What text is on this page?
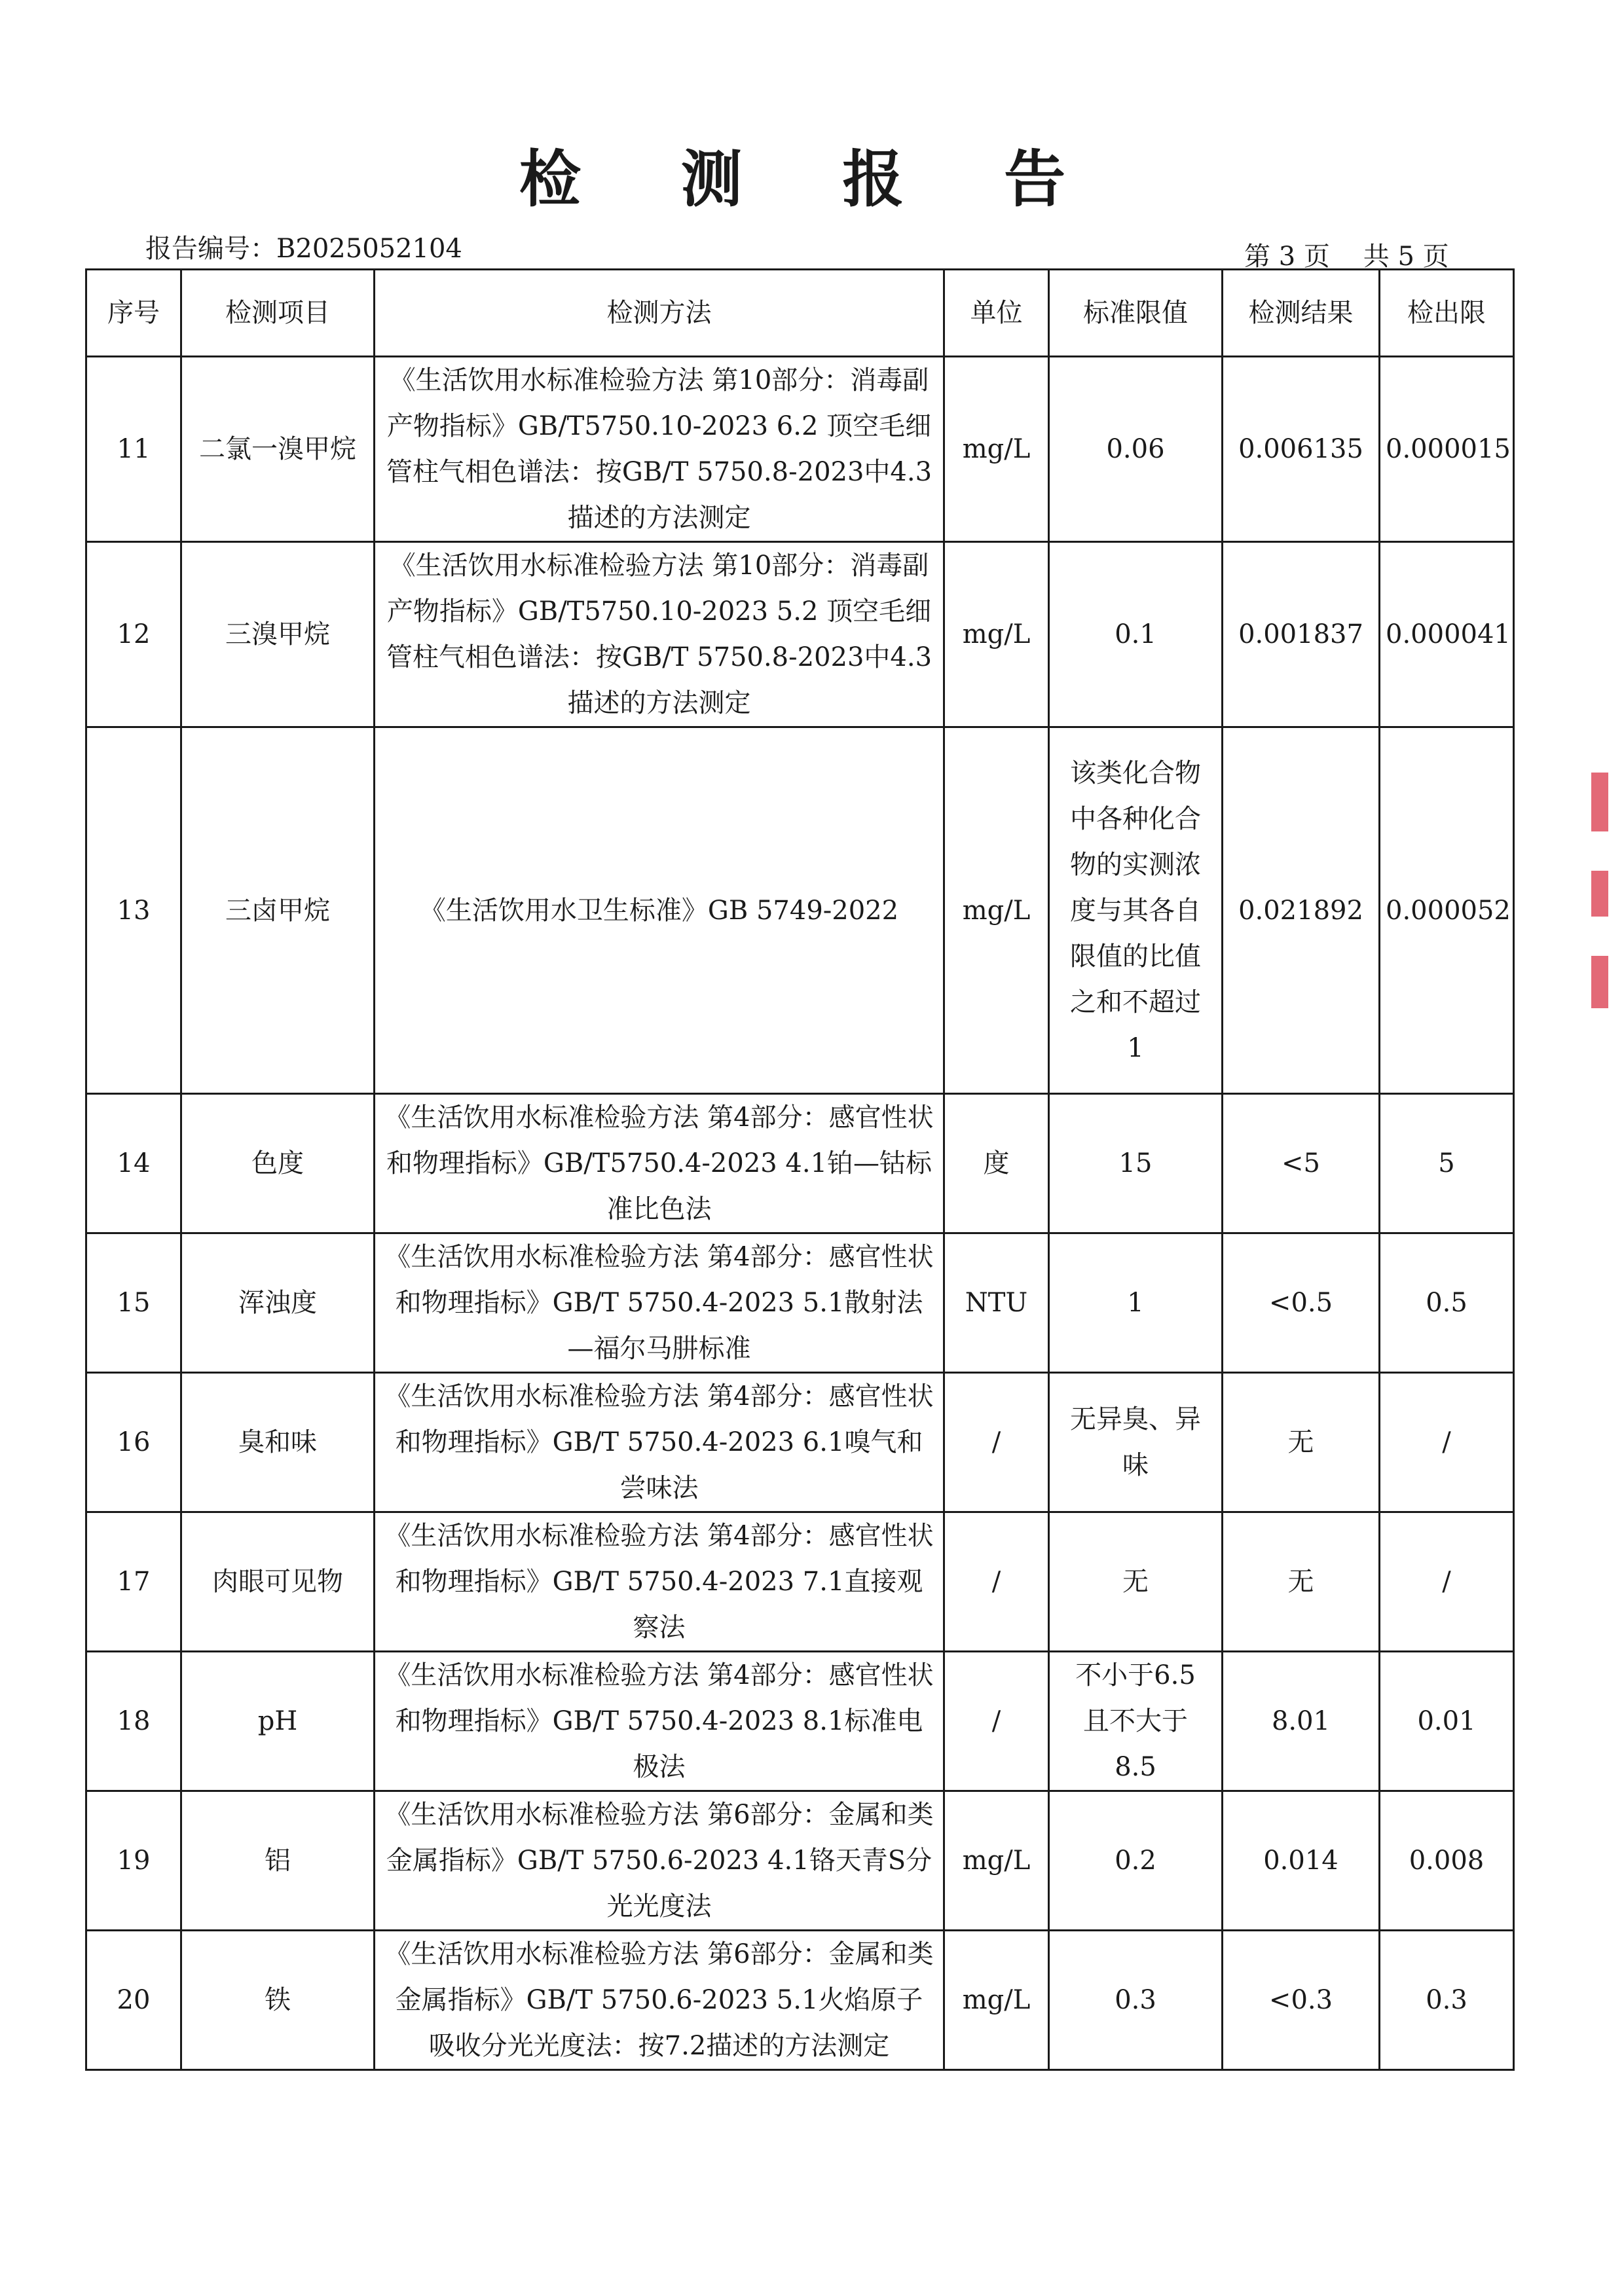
检 测 报 告
报告编号：B2025052104	第 3 页    共 5 页
序号	检测项目	检测方法	单位	标准限值	检测结果	检出限
11	二氯一溴甲烷	《生活饮用水标准检验方法 第10部分：消毒副产物指标》GB/T5750.10-2023 6.2 顶空毛细管柱气相色谱法：按GB/T 5750.8-2023中4.3描述的方法测定	mg/L	0.06	0.006135	0.000015
12	三溴甲烷	《生活饮用水标准检验方法 第10部分：消毒副产物指标》GB/T5750.10-2023 5.2 顶空毛细管柱气相色谱法：按GB/T 5750.8-2023中4.3描述的方法测定	mg/L	0.1	0.001837	0.000041
13	三卤甲烷	《生活饮用水卫生标准》GB 5749-2022	mg/L	该类化合物中各种化合物的实测浓度与其各自限值的比值之和不超过1	0.021892	0.000052
14	色度	《生活饮用水标准检验方法 第4部分：感官性状和物理指标》GB/T5750.4-2023 4.1铂—钴标准比色法	度	15	<5	5
15	浑浊度	《生活饮用水标准检验方法 第4部分：感官性状和物理指标》GB/T 5750.4-2023 5.1散射法—福尔马肼标准	NTU	1	<0.5	0.5
16	臭和味	《生活饮用水标准检验方法 第4部分：感官性状和物理指标》GB/T 5750.4-2023 6.1嗅气和尝味法	/	无异臭、异味	无	/
17	肉眼可见物	《生活饮用水标准检验方法 第4部分：感官性状和物理指标》GB/T 5750.4-2023 7.1直接观察法	/	无	无	/
18	pH	《生活饮用水标准检验方法 第4部分：感官性状和物理指标》GB/T 5750.4-2023 8.1标准电极法	/	不小于6.5且不大于8.5	8.01	0.01
19	铝	《生活饮用水标准检验方法 第6部分：金属和类金属指标》GB/T 5750.6-2023 4.1铬天青S分光光度法	mg/L	0.2	0.014	0.008
20	铁	《生活饮用水标准检验方法 第6部分：金属和类金属指标》GB/T 5750.6-2023 5.1火焰原子吸收分光光度法：按7.2描述的方法测定	mg/L	0.3	<0.3	0.3
